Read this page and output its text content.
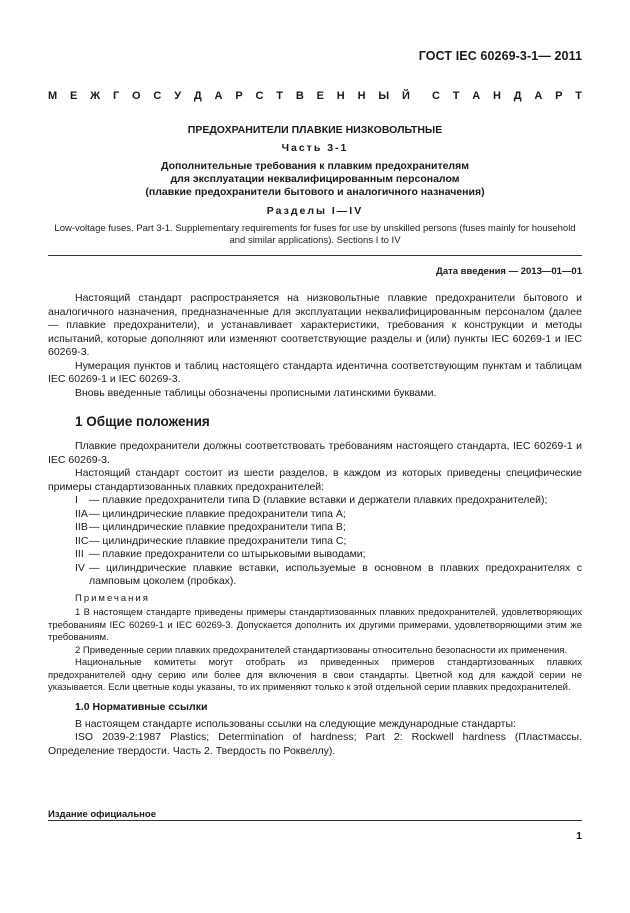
ГОСТ IEC 60269-3-1— 2011
М Е Ж Г О С У Д А Р С Т В Е Н Н Ы Й С Т А Н Д А Р Т
ПРЕДОХРАНИТЕЛИ ПЛАВКИЕ НИЗКОВОЛЬТНЫЕ
Часть 3-1
Дополнительные требования к плавким предохранителям
для эксплуатации неквалифицированным персоналом
(плавкие предохранители бытового и аналогичного назначения)
Разделы I—IV
Low-voltage fuses. Part 3-1. Supplementary requirements for fuses for use by unskilled persons (fuses mainly for household and similar applications). Sections I to IV
Дата введения — 2013—01—01

Настоящий стандарт распространяется на низковольтные плавкие предохранители бытового и аналогичного назначения, предназначенные для эксплуатации неквалифицированным персоналом (далее — плавкие предохранители), и устанавливает характеристики, требования к конструкции и методы испытаний, которые дополняют или изменяют соответствующие разделы и (или) пункты IEC 60269-1 и IEC 60269-3.

Нумерация пунктов и таблиц настоящего стандарта идентична соответствующим пунктам и таблицам IEC 60269-1 и IEC 60269-3.

Вновь введенные таблицы обозначены прописными латинскими буквами.

1 Общие положения

Плавкие предохранители должны соответствовать требованиям настоящего стандарта, IEC 60269-1 и IEC 60269-3.

Настоящий стандарт состоит из шести разделов, в каждом из которых приведены специфические примеры стандартизованных плавких предохранителей:

I	— плавкие предохранители типа D (плавкие вставки и держатели плавких предохранителей);
IIA — цилиндрические плавкие предохранители типа А;
IIB — цилиндрические плавкие предохранители типа В;
IIC — цилиндрические плавкие предохранители типа С;
III — плавкие предохранители со штырьковыми выводами;
IV — цилиндрические плавкие вставки, используемые в основном в плавких предохранителях с ламповым цоколем (пробках).
Примечания

1 В настоящем стандарте приведены примеры стандартизованных плавких предохранителей, удовлетворяющих требованиям IEC 60269-1 и IEC 60269-3. Допускается дополнить их другими примерами, удовлетворяющими этим же требованиям.

2 Приведенные серии плавких предохранителей стандартизованы относительно безопасности их применения.

Национальные комитеты могут отобрать из приведенных примеров стандартизованных плавких предохранителей одну серию или более для включения в свои стандарты. Цветной код для каждой серии не указывается. Если цветные коды указаны, то их применяют только к этой отдельной серии плавких предохранителей.

1.0 Нормативные ссылки

В настоящем стандарте использованы ссылки на следующие международные стандарты:

ISO 2039-2:1987 Plastics; Determination of hardness; Part 2: Rockwell hardness (Пластмассы. Определение твердости. Часть 2. Твердость по Роквеллу).

Издание официальное
1
